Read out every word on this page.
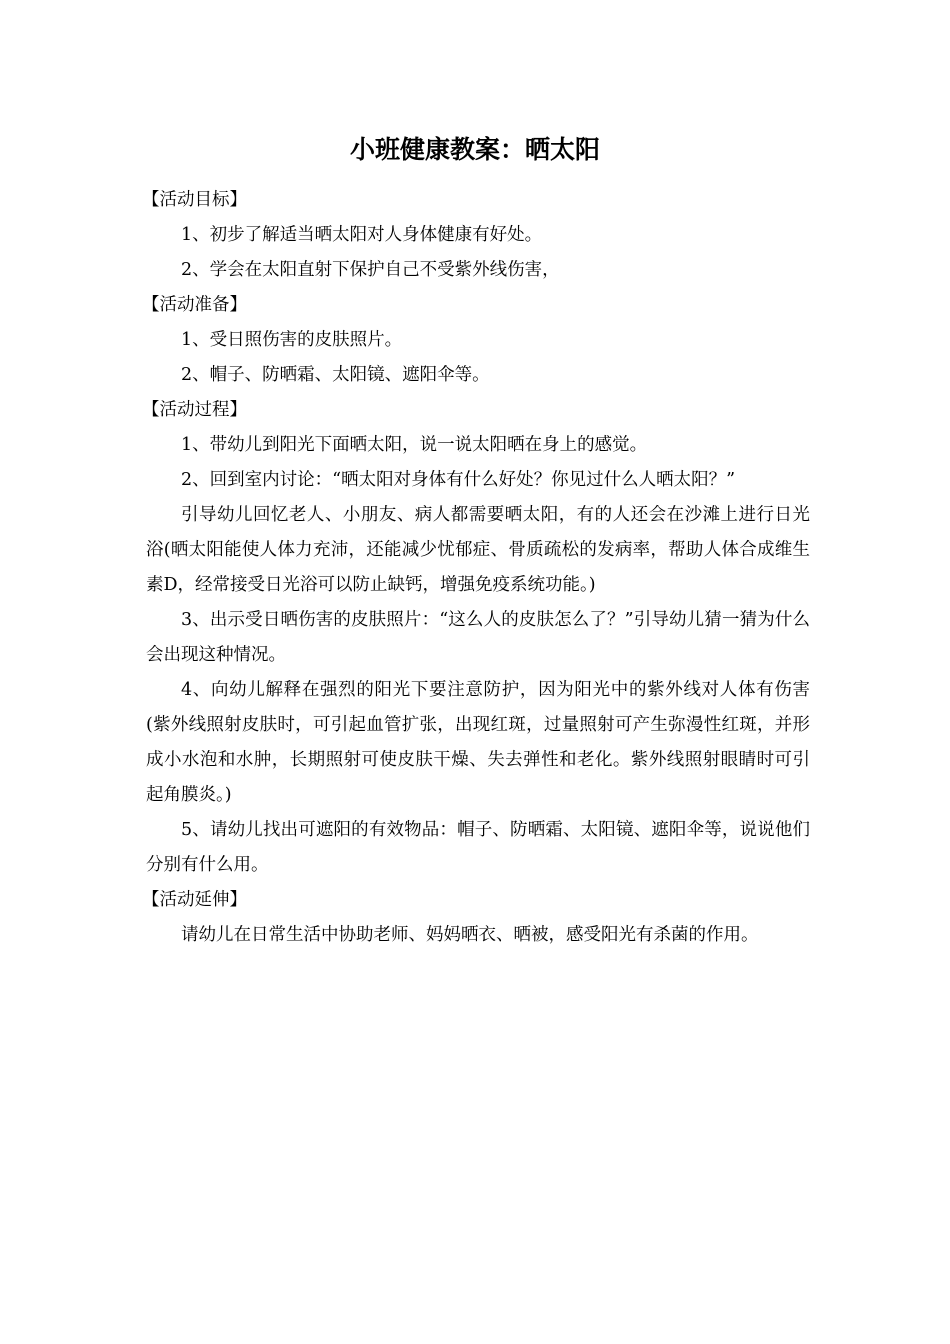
小班健康教案：晒太阳

【活动目标】

1、初步了解适当晒太阳对人身体健康有好处。

2、学会在太阳直射下保护自己不受紫外线伤害，

【活动准备】

1、受日照伤害的皮肤照片。

2、帽子、防晒霜、太阳镜、遮阳伞等。

【活动过程】

1、带幼儿到阳光下面晒太阳，说一说太阳晒在身上的感觉。

2、回到室内讨论：“晒太阳对身体有什么好处？你见过什么人晒太阳？”

引导幼儿回忆老人、小朋友、病人都需要晒太阳，有的人还会在沙滩上进行日光浴(晒太阳能使人体力充沛，还能减少忧郁症、骨质疏松的发病率，帮助人体合成维生素D，经常接受日光浴可以防止缺钙，增强免疫系统功能。)

3、出示受日晒伤害的皮肤照片：“这么人的皮肤怎么了？”引导幼儿猜一猜为什么会出现这种情况。

4、向幼儿解释在强烈的阳光下要注意防护，因为阳光中的紫外线对人体有伤害(紫外线照射皮肤时，可引起血管扩张，出现红斑，过量照射可产生弥漫性红斑，并形成小水泡和水肿，长期照射可使皮肤干燥、失去弹性和老化。紫外线照射眼睛时可引起角膜炎。)

5、请幼儿找出可遮阳的有效物品：帽子、防晒霜、太阳镜、遮阳伞等，说说他们分别有什么用。

【活动延伸】

请幼儿在日常生活中协助老师、妈妈晒衣、晒被，感受阳光有杀菌的作用。
